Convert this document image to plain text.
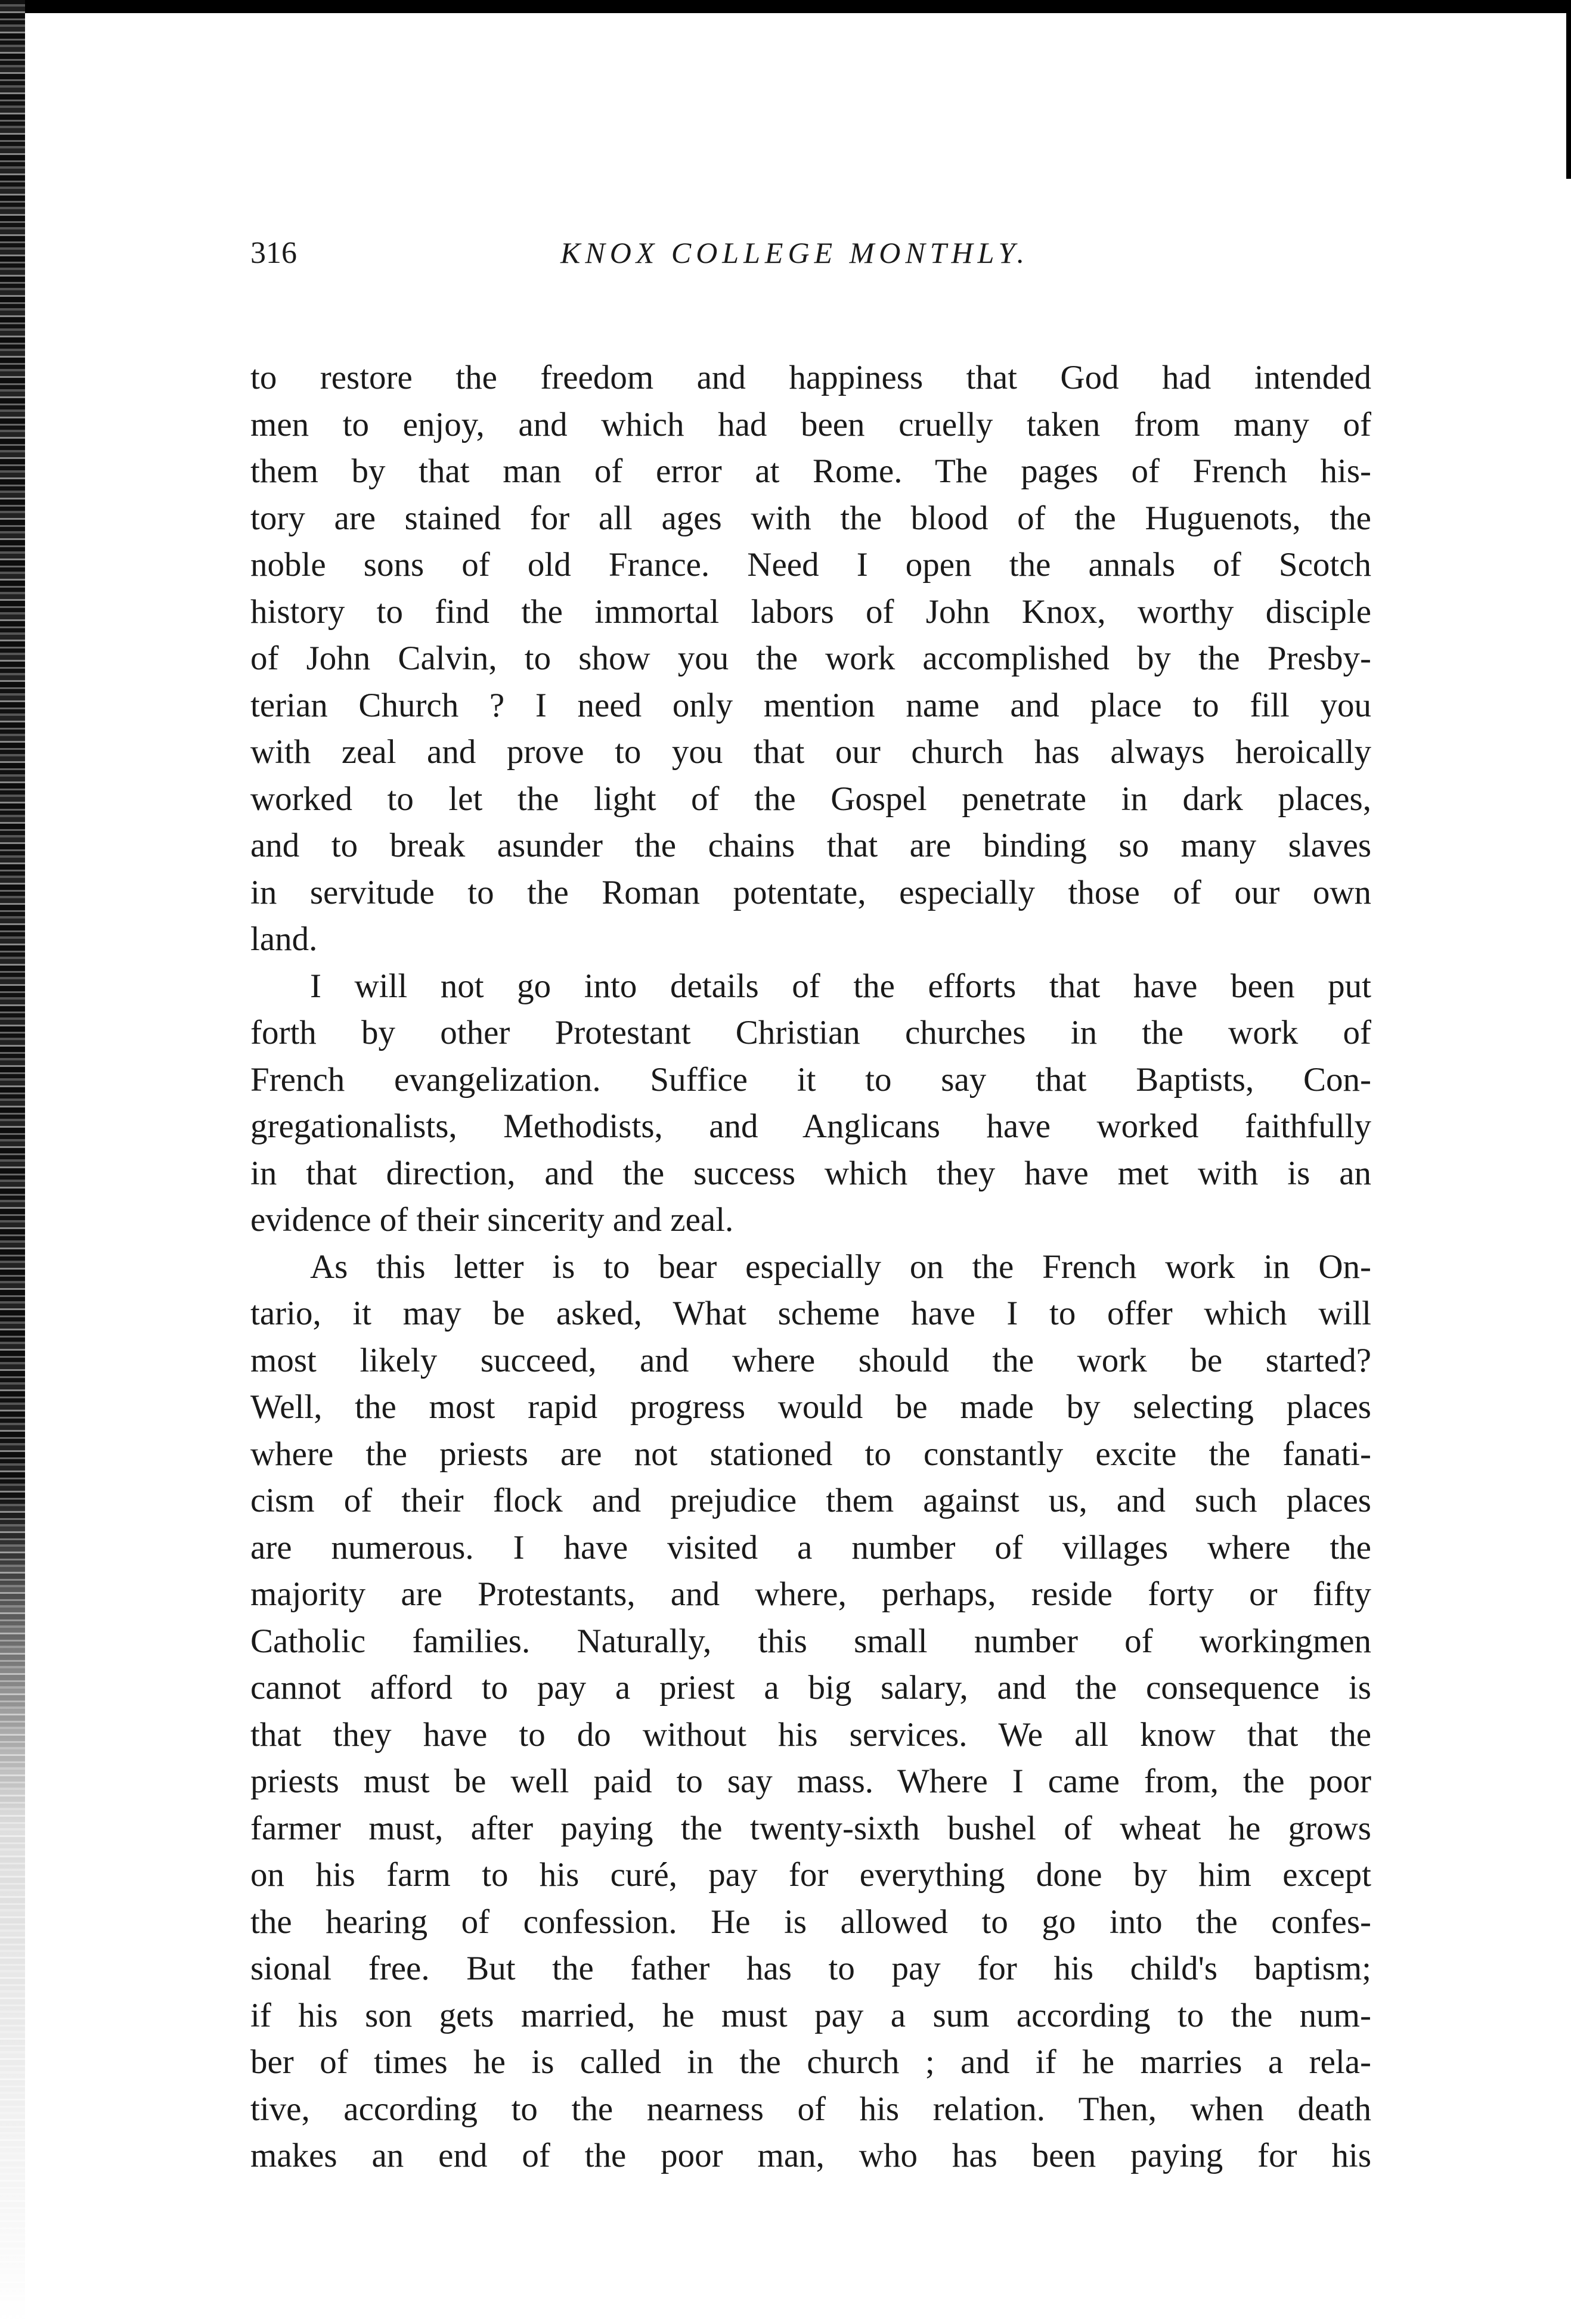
316	KNOX COLLEGE MONTHLY.
to restore the freedom and happiness that God had intended
men to enjoy, and which had been cruelly taken from many of
them by that man of error at Rome. The pages of French his-
tory are stained for all ages with the blood of the Huguenots, the
noble sons of old France. Need I open the annals of Scotch
history to find the immortal labors of John Knox, worthy disciple
of John Calvin, to show you the work accomplished by the Presby-
terian Church ? I need only mention name and place to fill you
with zeal and prove to you that our church has always heroically
worked to let the light of the Gospel penetrate in dark places,
and to break asunder the chains that are binding so many slaves
in servitude to the Roman potentate, especially those of our own
land.
I will not go into details of the efforts that have been put
forth by other Protestant Christian churches in the work of
French evangelization. Suffice it to say that Baptists, Con-
gregationalists, Methodists, and Anglicans have worked faithfully
in that direction, and the success which they have met with is an
evidence of their sincerity and zeal.
As this letter is to bear especially on the French work in On-
tario, it may be asked, What scheme have I to offer which will
most likely succeed, and where should the work be started?
Well, the most rapid progress would be made by selecting places
where the priests are not stationed to constantly excite the fanati-
cism of their flock and prejudice them against us, and such places
are numerous. I have visited a number of villages where the
majority are Protestants, and where, perhaps, reside forty or fifty
Catholic families. Naturally, this small number of workingmen
cannot afford to pay a priest a big salary, and the consequence is
that they have to do without his services. We all know that the
priests must be well paid to say mass. Where I came from, the poor
farmer must, after paying the twenty-sixth bushel of wheat he grows
on his farm to his curé, pay for everything done by him except
the hearing of confession. He is allowed to go into the confes-
sional free. But the father has to pay for his child's baptism;
if his son gets married, he must pay a sum according to the num-
ber of times he is called in the church ; and if he marries a rela-
tive, according to the nearness of his relation. Then, when death
makes an end of the poor man, who has been paying for his
